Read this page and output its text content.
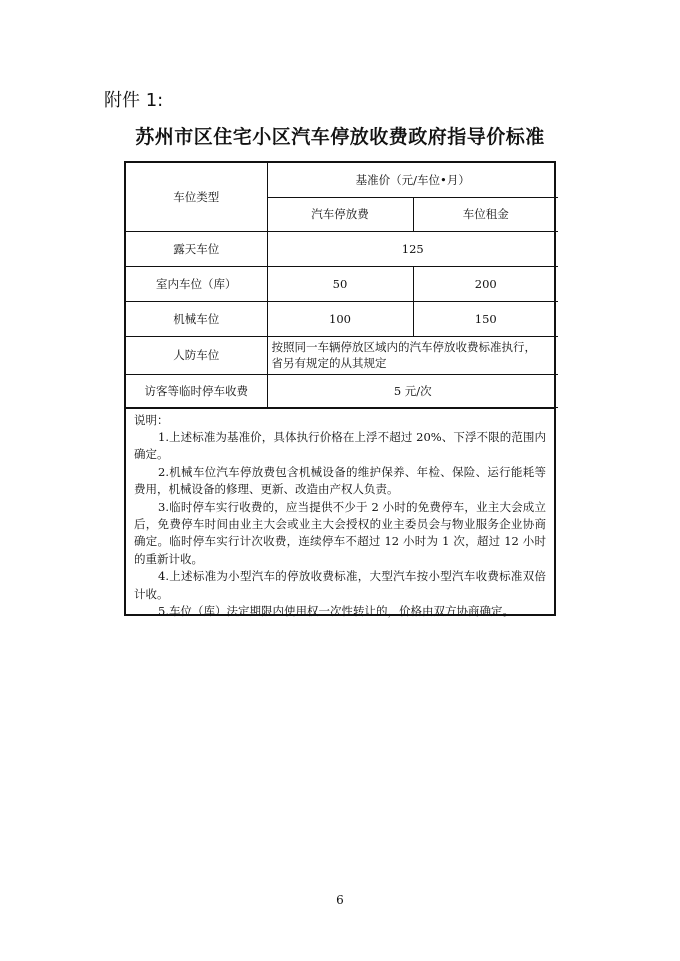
附件 1:
苏州市区住宅小区汽车停放收费政府指导价标准
车位类型	基准价（元/车位•月）	
	汽车停放费	车位租金
露天车位	125	
室内车位（库）	50	200
机械车位	100	150
人防车位	按照同一车辆停放区域内的汽车停放收费标准执行，
省另有规定的从其规定	

访客等临时停车收费	5 元/次	
说明：

1.上述标准为基准价，具体执行价格在上浮不超过 20%、下浮不限的范围内确定。

2.机械车位汽车停放费包含机械设备的维护保养、年检、保险、运行能耗等费用，机械设备的修理、更新、改造由产权人负责。

3.临时停车实行收费的，应当提供不少于 2 小时的免费停车，业主大会成立后，免费停车时间由业主大会或业主大会授权的业主委员会与物业服务企业协商确定。临时停车实行计次收费，连续停车不超过 12 小时为 1 次，超过 12 小时的重新计收。

4.上述标准为小型汽车的停放收费标准，大型汽车按小型汽车收费标准双倍计收。

5.车位（库）法定期限内使用权一次性转让的，价格由双方协商确定。

6
